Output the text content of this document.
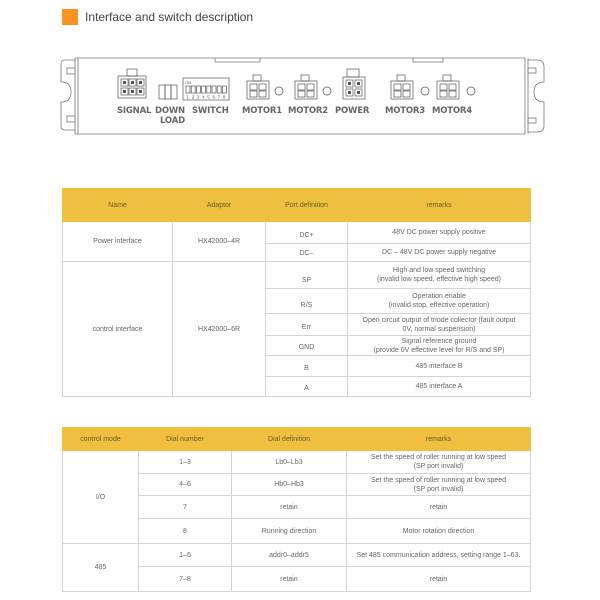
Interface and switch description
ON
1 2 3 4 5 6 7 8
SIGNAL DOWN
LOAD
SWITCH MOTOR1 MOTOR2 POWER MOTOR3 MOTOR4
Name	Adaptor	Port definition	remarks
Power interface	HX42000–4R	DC+	48V DC power supply positive

		DC–	DC – 48V DC power supply negative

control interface	HX42000–6R	SP	High and low speed switching
(invalid low speed, effective high speed)

		R/S	Operation enable
(invalid stop, effective operation)

		Err	Open circuit output of triode collector (fault output
0V, normal suspension)

		GND	Signal reference ground
(provide 0V effective level for R/S and SP)

		B	485 interface B

		A	485 interface A
control mode	Dial number	Dial definition	remarks
I/O	1–3	Lb0–Lb3	Set the speed of roller running at low speed
(SP port invalid)

	4–6	Hb0–Hb3	Set the speed of roller running at low speed
(SP port invalid)

	7	retain	retain

	8	Running direction	Motor rotation direction

485	1–6	addr0–addr5	Set 485 communication address, setting range 1–63.

	7–8	retain	retain
